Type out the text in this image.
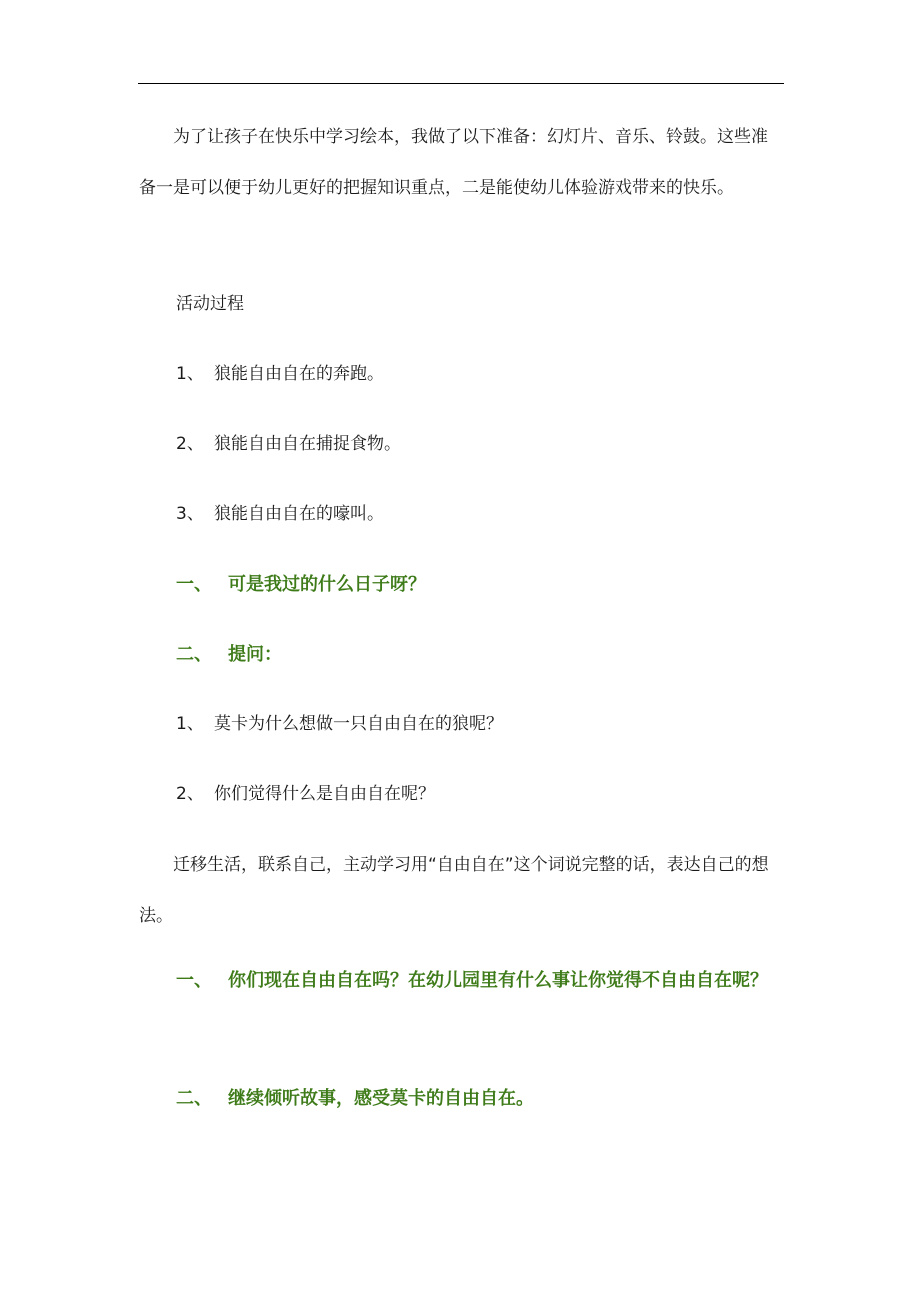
为了让孩子在快乐中学习绘本，我做了以下准备：幻灯片、音乐、铃鼓。这些准备一是可以便于幼儿更好的把握知识重点，二是能使幼儿体验游戏带来的快乐。
活动过程
1、 狼能自由自在的奔跑。
2、 狼能自由自在捕捉食物。
3、 狼能自由自在的嚎叫。
一、 可是我过的什么日子呀？
二、 提问：
1、 莫卡为什么想做一只自由自在的狼呢？
2、 你们觉得什么是自由自在呢？
迁移生活，联系自己，主动学习用“自由自在”这个词说完整的话，表达自己的想法。
一、 你们现在自由自在吗？在幼儿园里有什么事让你觉得不自由自在呢？
二、 继续倾听故事，感受莫卡的自由自在。
